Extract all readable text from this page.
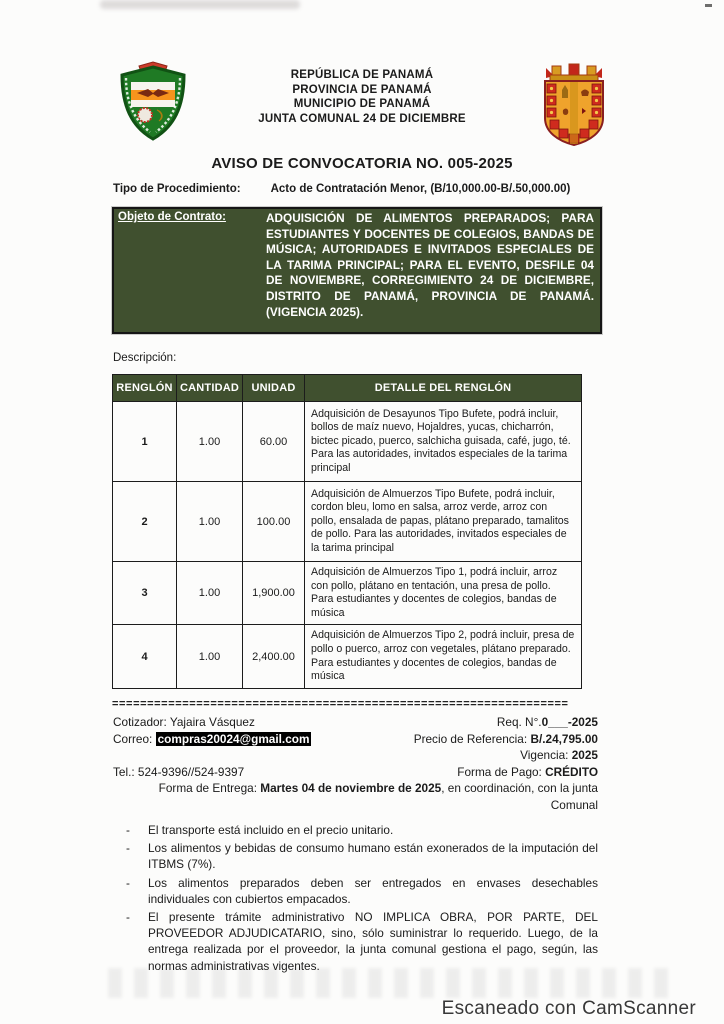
REPÚBLICA DE PANAMÁ
PROVINCIA DE PANAMÁ
MUNICIPIO DE PANAMÁ
JUNTA COMUNAL 24 DE DICIEMBRE
AVISO DE CONVOCATORIA NO. 005-2025
Tipo de Procedimiento:	Acto de Contratación Menor, (B/10,000.00-B/.50,000.00)
Objeto de Contrato:	ADQUISICIÓN DE ALIMENTOS PREPARADOS; PARA ESTUDIANTES Y DOCENTES DE COLEGIOS, BANDAS DE MÚSICA; AUTORIDADES E INVITADOS ESPECIALES DE LA TARIMA PRINCIPAL; PARA EL EVENTO, DESFILE 04 DE NOVIEMBRE, CORREGIMIENTO 24 DE DICIEMBRE, DISTRITO DE PANAMÁ, PROVINCIA DE PANAMÁ. (VIGENCIA 2025).
Descripción:
RENGLÓN	CANTIDAD	UNIDAD	DETALLE DEL RENGLÓN
1	1.00	60.00	Adquisición de Desayunos Tipo Bufete, podrá incluir, bollos de maíz nuevo, Hojaldres, yucas, chicharrón, bictec picado, puerco, salchicha guisada, café, jugo, té. Para las autoridades, invitados especiales de la tarima principal
2	1.00	100.00	Adquisición de Almuerzos Tipo Bufete, podrá incluir, cordon bleu, lomo en salsa, arroz verde, arroz con pollo, ensalada de papas, plátano preparado, tamalitos de pollo. Para las autoridades, invitados especiales de la tarima principal
3	1.00	1,900.00	Adquisición de Almuerzos Tipo 1, podrá incluir, arroz con pollo, plátano en tentación, una presa de pollo. Para estudiantes y docentes de colegios, bandas de música
4	1.00	2,400.00	Adquisición de Almuerzos Tipo 2, podrá incluir, presa de pollo o puerco, arroz con vegetales, plátano preparado. Para estudiantes y docentes de colegios, bandas de música
=================================================================
Cotizador: Yajaira Vásquez	Req. N°.0___-2025
Correo: compras20024@gmail.com	Precio de Referencia: B/.24,795.00
Vigencia: 2025
Tel.: 524-9396//524-9397	Forma de Pago: CRÉDITO
Forma de Entrega: Martes 04 de noviembre de 2025, en coordinación, con la junta
Comunal
-	El transporte está incluido en el precio unitario.
-	Los alimentos y bebidas de consumo humano están exonerados de la imputación del ITBMS (7%).
-	Los alimentos preparados deben ser entregados en envases desechables individuales con cubiertos empacados.
-	El presente trámite administrativo NO IMPLICA OBRA, POR PARTE, DEL PROVEEDOR ADJUDICATARIO, sino, sólo suministrar lo requerido. Luego, de la entrega realizada por el proveedor, la junta comunal gestiona el pago, según, las normas administrativas vigentes.
Escaneado con CamScanner
